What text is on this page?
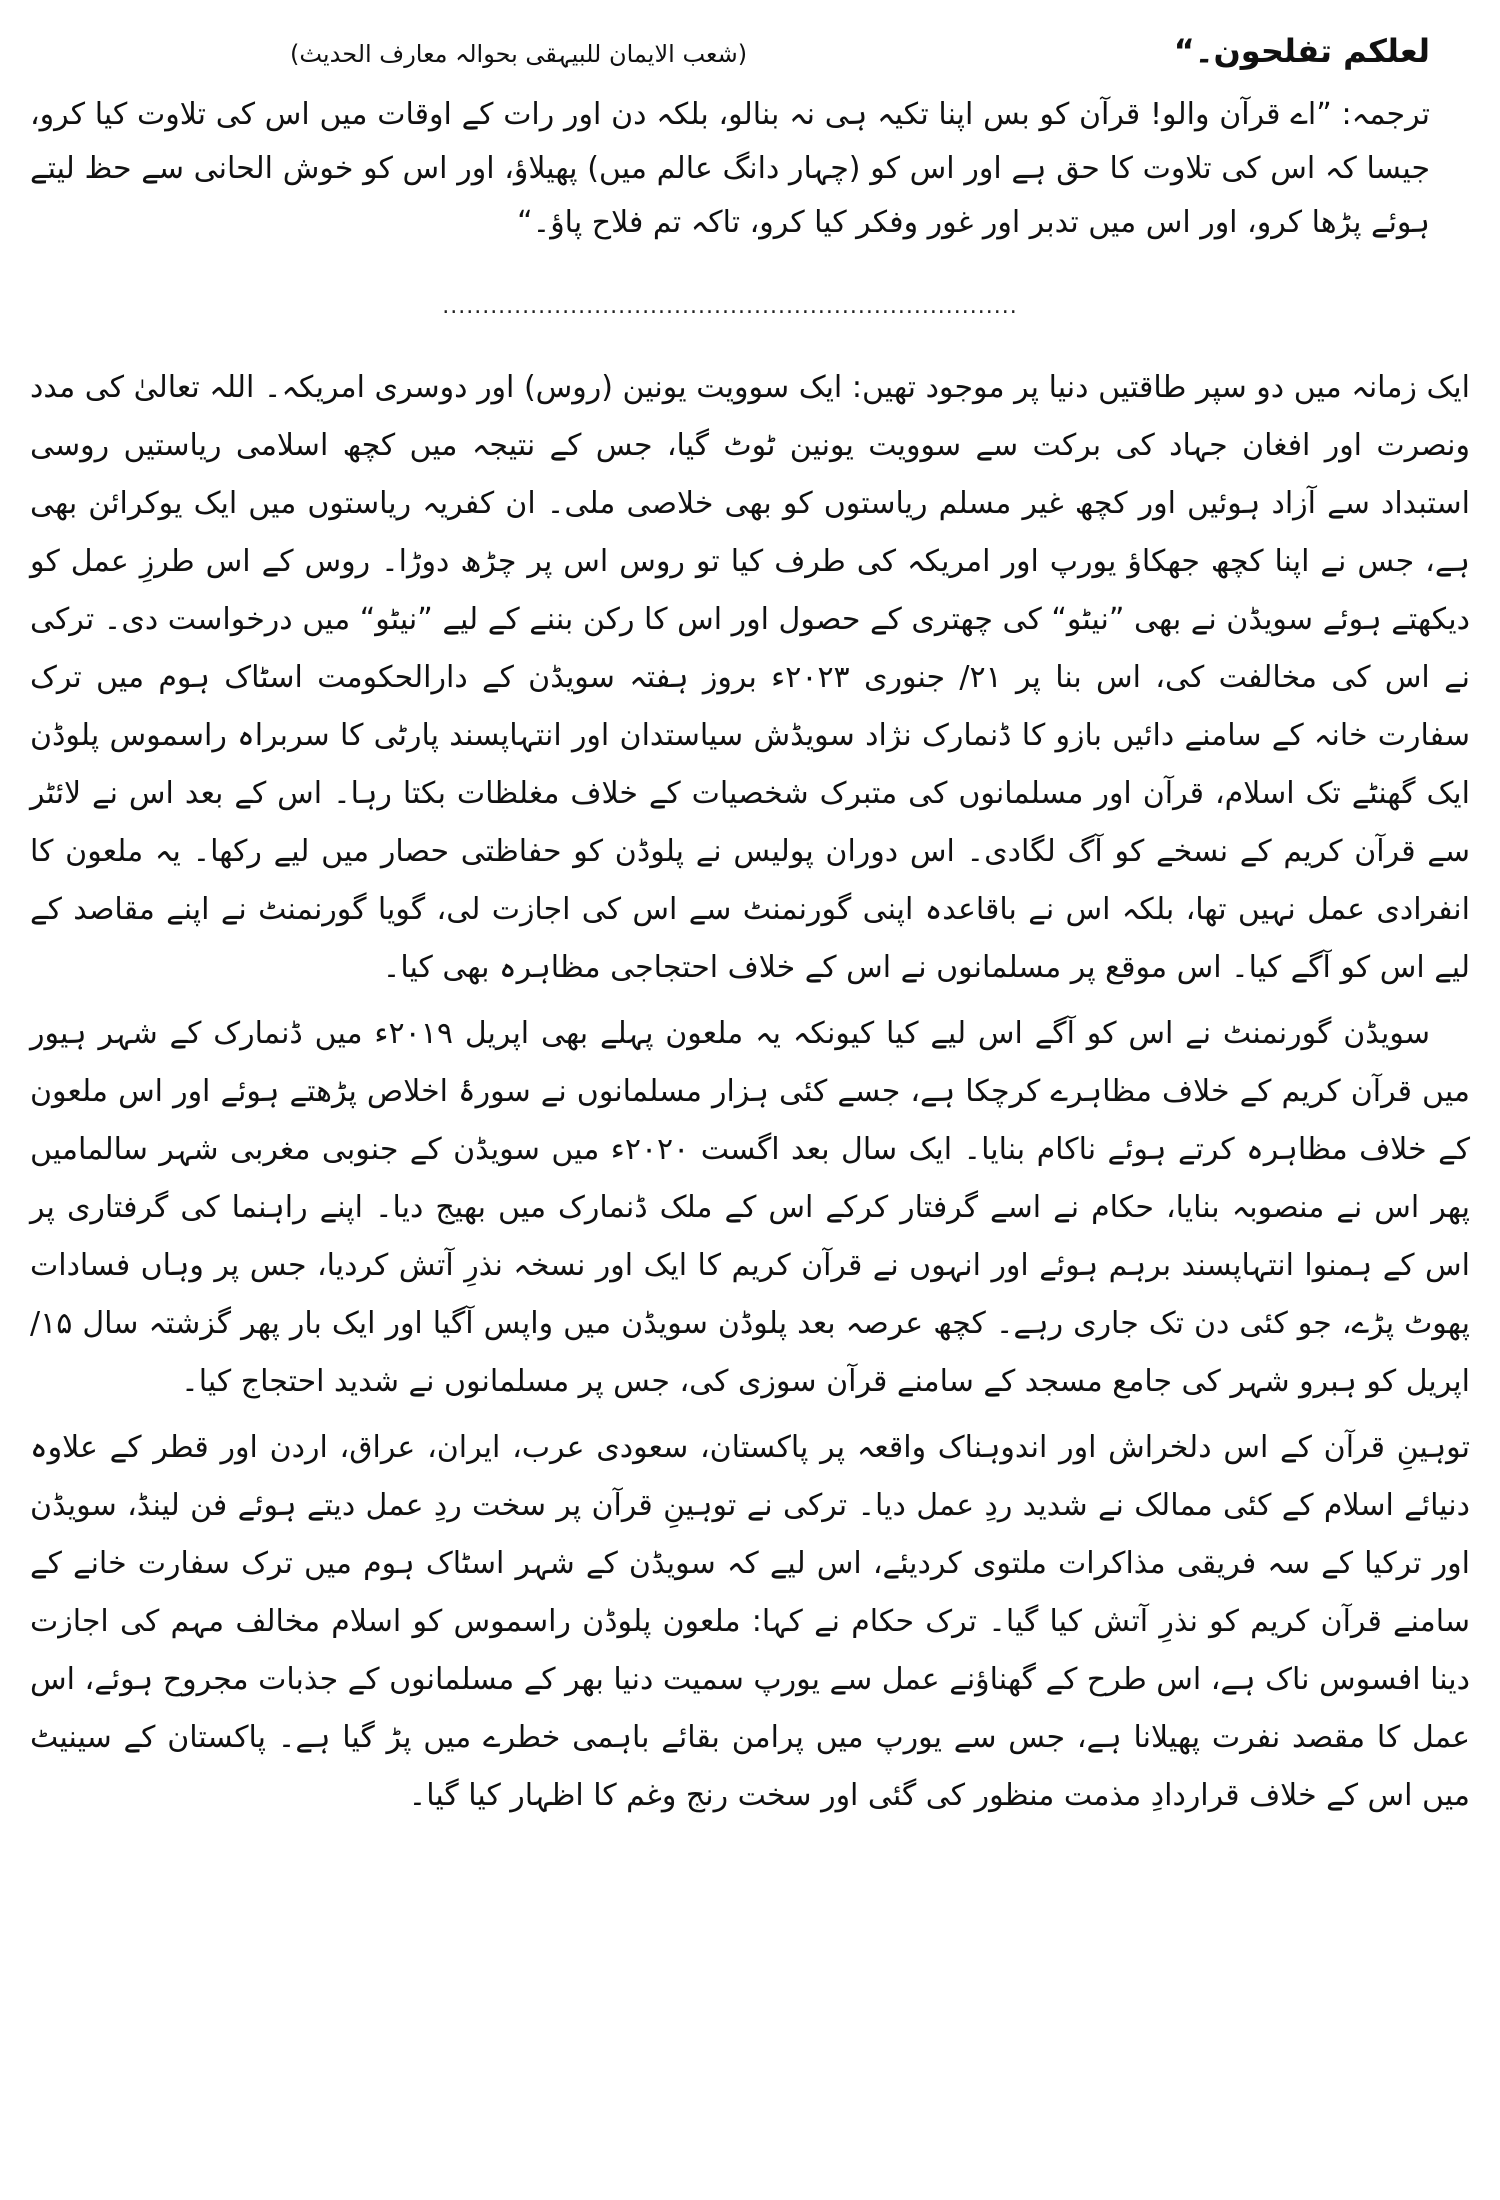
لعلکم تفلحون۔“
(شعب الایمان للبیہقی بحوالہ معارف الحدیث)

ترجمہ: ”اے قرآن والو! قرآن کو بس اپنا تکیہ ہی نہ بنالو، بلکہ دن اور رات کے اوقات میں اس کی تلاوت کیا کرو، جیسا کہ اس کی تلاوت کا حق ہے اور اس کو (چہار دانگ عالم میں) پھیلاؤ، اور اس کو خوش الحانی سے حظ لیتے ہوئے پڑھا کرو، اور اس میں تدبر اور غور وفکر کیا کرو، تاکہ تم فلاح پاؤ۔“

........................................................................

ایک زمانہ میں دو سپر طاقتیں دنیا پر موجود تھیں: ایک سوویت یونین (روس) اور دوسری امریکہ۔ اللہ تعالیٰ کی مدد ونصرت اور افغان جہاد کی برکت سے سوویت یونین ٹوٹ گیا، جس کے نتیجہ میں کچھ اسلامی ریاستیں روسی استبداد سے آزاد ہوئیں اور کچھ غیر مسلم ریاستوں کو بھی خلاصی ملی۔ ان کفریہ ریاستوں میں ایک یوکرائن بھی ہے، جس نے اپنا کچھ جھکاؤ یورپ اور امریکہ کی طرف کیا تو روس اس پر چڑھ دوڑا۔ روس کے اس طرزِ عمل کو دیکھتے ہوئے سویڈن نے بھی ”نیٹو“ کی چھتری کے حصول اور اس کا رکن بننے کے لیے ”نیٹو“ میں درخواست دی۔ ترکی نے اس کی مخالفت کی، اس بنا پر ۲۱/ جنوری ۲۰۲۳ء بروز ہفتہ سویڈن کے دارالحکومت اسٹاک ہوم میں ترک سفارت خانہ کے سامنے دائیں بازو کا ڈنمارک نژاد سویڈش سیاستدان اور انتہاپسند پارٹی کا سربراہ راسموس پلوڈن ایک گھنٹے تک اسلام، قرآن اور مسلمانوں کی متبرک شخصیات کے خلاف مغلظات بکتا رہا۔ اس کے بعد اس نے لائٹر سے قرآن کریم کے نسخے کو آگ لگادی۔ اس دوران پولیس نے پلوڈن کو حفاظتی حصار میں لیے رکھا۔ یہ ملعون کا انفرادی عمل نہیں تھا، بلکہ اس نے باقاعدہ اپنی گورنمنٹ سے اس کی اجازت لی، گویا گورنمنٹ نے اپنے مقاصد کے لیے اس کو آگے کیا۔ اس موقع پر مسلمانوں نے اس کے خلاف احتجاجی مظاہرہ بھی کیا۔

سویڈن گورنمنٹ نے اس کو آگے اس لیے کیا کیونکہ یہ ملعون پہلے بھی اپریل ۲۰۱۹ء میں ڈنمارک کے شہر ہیور میں قرآن کریم کے خلاف مظاہرے کرچکا ہے، جسے کئی ہزار مسلمانوں نے سورۂ اخلاص پڑھتے ہوئے اور اس ملعون کے خلاف مظاہرہ کرتے ہوئے ناکام بنایا۔ ایک سال بعد اگست ۲۰۲۰ء میں سویڈن کے جنوبی مغربی شہر سالمامیں پھر اس نے منصوبہ بنایا، حکام نے اسے گرفتار کرکے اس کے ملک ڈنمارک میں بھیج دیا۔ اپنے راہنما کی گرفتاری پر اس کے ہمنوا انتہاپسند برہم ہوئے اور انہوں نے قرآن کریم کا ایک اور نسخہ نذرِ آتش کردیا، جس پر وہاں فسادات پھوٹ پڑے، جو کئی دن تک جاری رہے۔ کچھ عرصہ بعد پلوڈن سویڈن میں واپس آگیا اور ایک بار پھر گزشتہ سال ۱۵/ اپریل کو ہبرو شہر کی جامع مسجد کے سامنے قرآن سوزی کی، جس پر مسلمانوں نے شدید احتجاج کیا۔

توہینِ قرآن کے اس دلخراش اور اندوہناک واقعہ پر پاکستان، سعودی عرب، ایران، عراق، اردن اور قطر کے علاوہ دنیائے اسلام کے کئی ممالک نے شدید ردِ عمل دیا۔ ترکی نے توہینِ قرآن پر سخت ردِ عمل دیتے ہوئے فن لینڈ، سویڈن اور ترکیا کے سہ فریقی مذاکرات ملتوی کردیئے، اس لیے کہ سویڈن کے شہر اسٹاک ہوم میں ترک سفارت خانے کے سامنے قرآن کریم کو نذرِ آتش کیا گیا۔ ترک حکام نے کہا: ملعون پلوڈن راسموس کو اسلام مخالف مہم کی اجازت دینا افسوس ناک ہے، اس طرح کے گھناؤنے عمل سے یورپ سمیت دنیا بھر کے مسلمانوں کے جذبات مجروح ہوئے، اس عمل کا مقصد نفرت پھیلانا ہے، جس سے یورپ میں پرامن بقائے باہمی خطرے میں پڑ گیا ہے۔ پاکستان کے سینیٹ میں اس کے خلاف قراردادِ مذمت منظور کی گئی اور سخت رنج وغم کا اظہار کیا گیا۔
